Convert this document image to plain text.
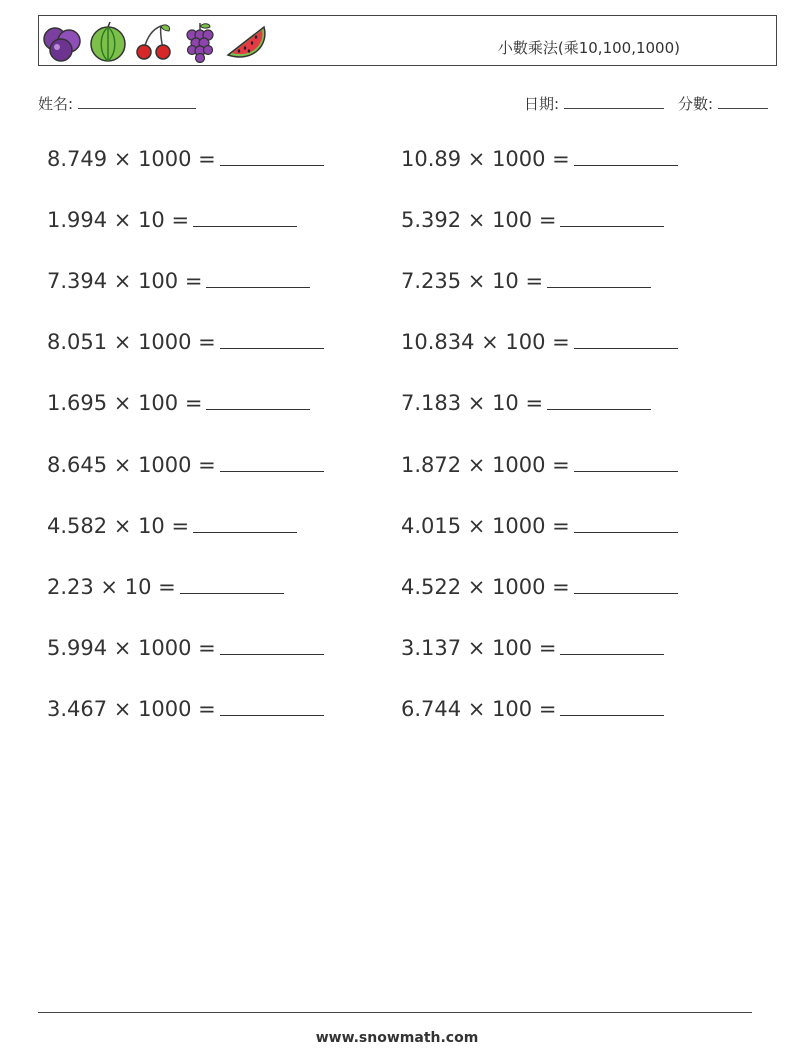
小數乘法(乘10,100,1000)
姓名:	日期:	分數:
8.749 × 1000 =
1.994 × 10 =
7.394 × 100 =
8.051 × 1000 =
1.695 × 100 =
8.645 × 1000 =
4.582 × 10 =
2.23 × 10 =
5.994 × 1000 =
3.467 × 1000 =
10.89 × 1000 =
5.392 × 100 =
7.235 × 10 =
10.834 × 100 =
7.183 × 10 =
1.872 × 1000 =
4.015 × 1000 =
4.522 × 1000 =
3.137 × 100 =
6.744 × 100 =
www.snowmath.com
